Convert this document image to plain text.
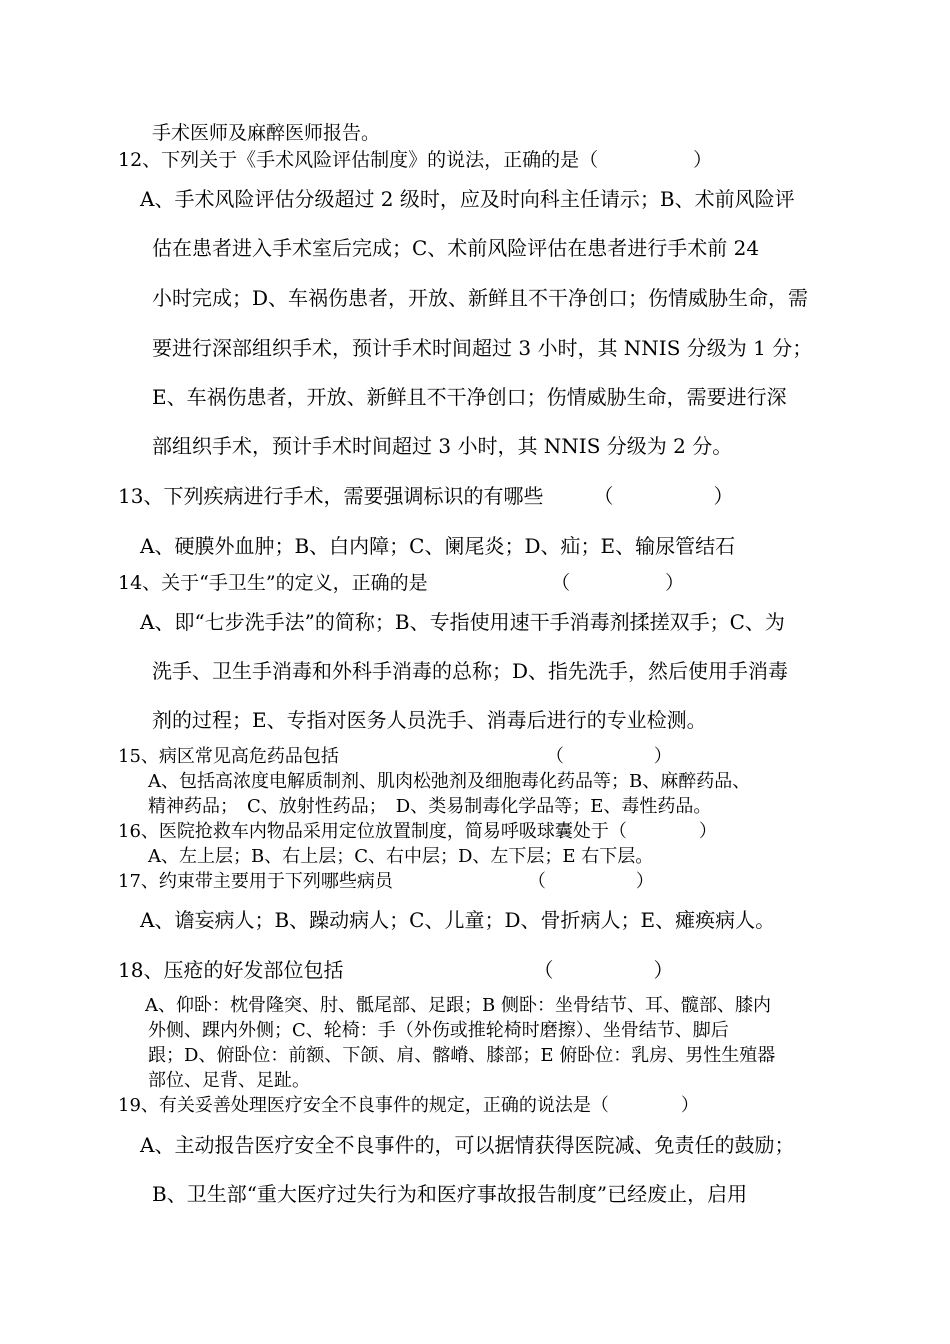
手术医师及麻醉医师报告。
12、下列关于《手术风险评估制度》的说法，正确的是（　　　　　）
A、手术风险评估分级超过 2 级时，应及时向科主任请示；B、术前风险评
估在患者进入手术室后完成；C、术前风险评估在患者进行手术前 24
小时完成；D、车祸伤患者，开放、新鲜且不干净创口；伤情威胁生命，需
要进行深部组织手术，预计手术时间超过 3 小时，其 NNIS 分级为 1 分；
E、车祸伤患者，开放、新鲜且不干净创口；伤情威胁生命，需要进行深
部组织手术，预计手术时间超过 3 小时，其 NNIS 分级为 2 分。
13、下列疾病进行手术，需要强调标识的有哪些　　　（　　　　　）
A、硬膜外血肿；B、白内障；C、阑尾炎；D、疝；E、输尿管结石
14、关于“手卫生”的定义，正确的是　　　　　　　（　　　　　）
A、即“七步洗手法”的简称；B、专指使用速干手消毒剂揉搓双手；C、为
洗手、卫生手消毒和外科手消毒的总称；D、指先洗手，然后使用手消毒
剂的过程；E、专指对医务人员洗手、消毒后进行的专业检测。
15、病区常见高危药品包括　　　　　　　　　　　　（　　　　　）
A、包括高浓度电解质制剂、肌肉松弛剂及细胞毒化药品等；B、麻醉药品、
精神药品；　C、放射性药品；　D、类易制毒化学品等；E、毒性药品。
16、医院抢救车内物品采用定位放置制度，简易呼吸球囊处于（　　　　）
A、左上层；B、右上层；C、右中层；D、左下层；E 右下层。
17、约束带主要用于下列哪些病员　　　　　　　　（　　　　　）
A、谵妄病人；B、躁动病人；C、儿童；D、骨折病人；E、瘫痪病人。
18、压疮的好发部位包括　　　　　　　　　　（　　　　　）
A、仰卧：枕骨隆突、肘、骶尾部、足跟；B 侧卧：坐骨结节、耳、髋部、膝内
外侧、踝内外侧；C、轮椅：手（外伤或推轮椅时磨擦）、坐骨结节、脚后
跟；D、俯卧位：前额、下颌、肩、髂嵴、膝部；E 俯卧位：乳房、男性生殖器
部位、足背、足趾。
19、有关妥善处理医疗安全不良事件的规定，正确的说法是（　　　　）
A、主动报告医疗安全不良事件的，可以据情获得医院减、免责任的鼓励；
B、卫生部“重大医疗过失行为和医疗事故报告制度”已经废止，启用
